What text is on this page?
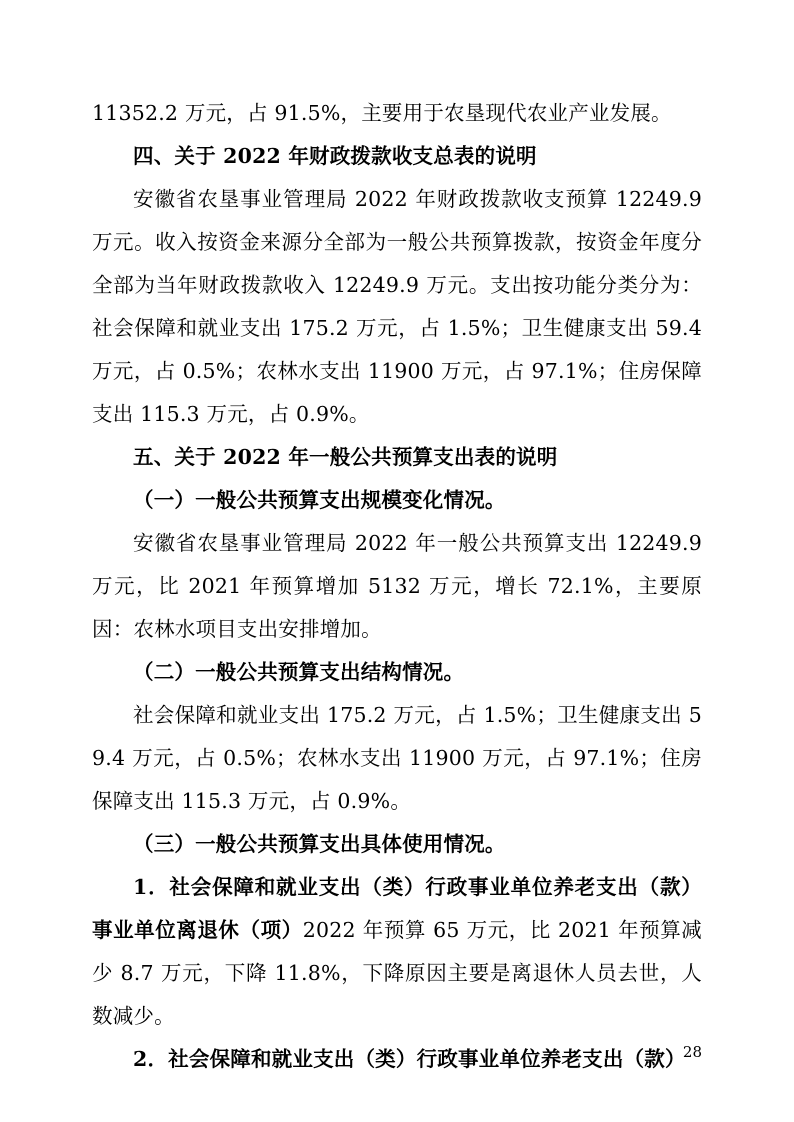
11352.2 万元，占 91.5%，主要用于农垦现代农业产业发展。

四、关于 2022 年财政拨款收支总表的说明

安徽省农垦事业管理局 2022 年财政拨款收支预算 12249.9 万元。收入按资金来源分全部为一般公共预算拨款，按资金年度分全部为当年财政拨款收入 12249.9 万元。支出按功能分类分为：社会保障和就业支出 175.2 万元，占 1.5%；卫生健康支出 59.4 万元，占 0.5%；农林水支出 11900 万元，占 97.1%；住房保障支出 115.3 万元，占 0.9%。

五、关于 2022 年一般公共预算支出表的说明

（一）一般公共预算支出规模变化情况。

安徽省农垦事业管理局 2022 年一般公共预算支出 12249.9 万元，比 2021 年预算增加 5132 万元，增长 72.1%，主要原因：农林水项目支出安排增加。

（二）一般公共预算支出结构情况。

社会保障和就业支出 175.2 万元，占 1.5%；卫生健康支出 59.4 万元，占 0.5%；农林水支出 11900 万元，占 97.1%；住房保障支出 115.3 万元，占 0.9%。

（三）一般公共预算支出具体使用情况。

1．社会保障和就业支出（类）行政事业单位养老支出（款）事业单位离退休（项）2022 年预算 65 万元，比 2021 年预算减少 8.7 万元，下降 11.8%，下降原因主要是离退休人员去世，人数减少。

2．社会保障和就业支出（类）行政事业单位养老支出（款）

28
